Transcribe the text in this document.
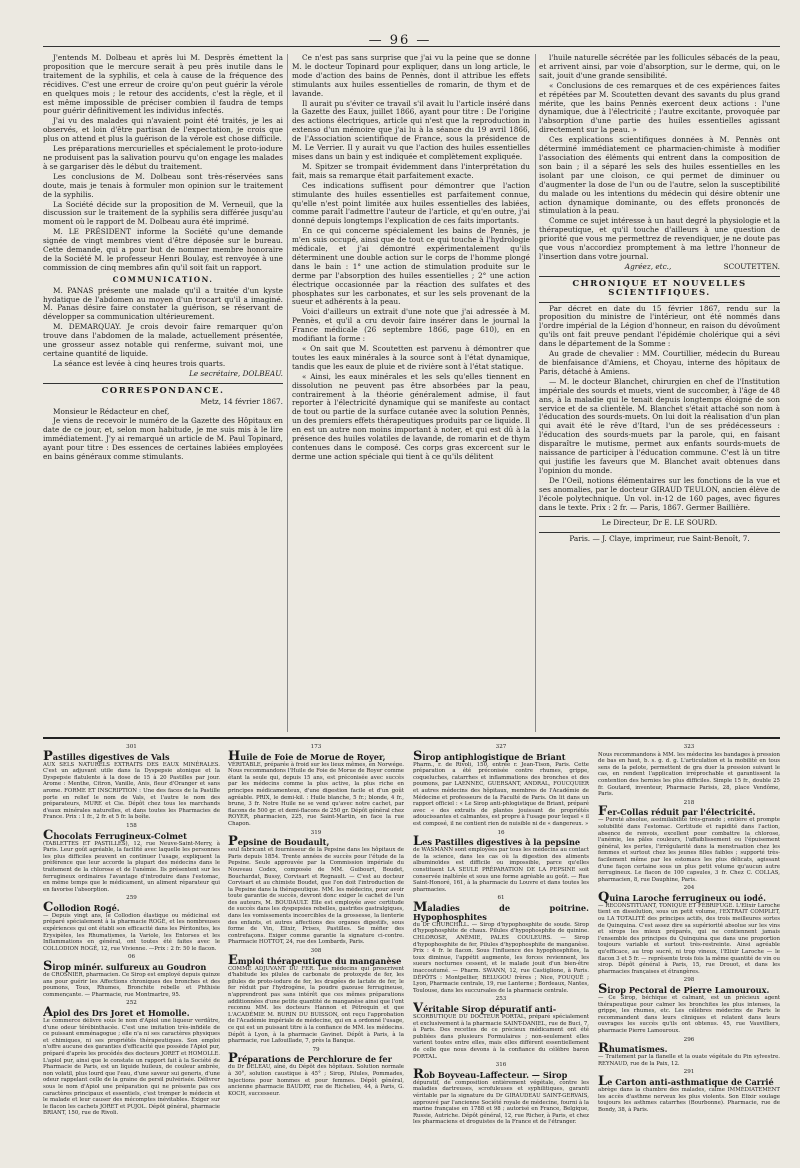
— 96 —

J'entends M. Dolbeau et après lui M. Desprès émettent la proposition que le mercure serait à peu près inutile dans le traitement de la syphilis, et cela à cause de la fréquence des récidives. C'est une erreur de croire qu'on peut guérir la vérole en quelques mois ; le retour des accidents, c'est la règle, et il est même impossible de préciser combien il faudra de temps pour guérir définitivement les individus infectés.

J'ai vu des malades qui n'avaient point été traités, je les ai observés, et loin d'être partisan de l'expectation, je crois que plus on attend et plus la guérison de la vérole est chose difficile.

Les préparations mercurielles et spécialement le proto-iodure ne produisent pas la salivation pourvu qu'on engage les malades à se gargariser dès le début du traitement.

Les conclusions de M. Dolbeau sont très-réservées sans doute, mais je tenais à formuler mon opinion sur le traitement de la syphilis.

La Société décide sur la proposition de M. Verneuil, que la discussion sur le traitement de la syphilis sera différée jusqu'au moment où le rapport de M. Dolbeau aura été imprimé.

M. LE PRÉSIDENT informe la Société qu'une demande signée de vingt membres vient d'être déposée sur le bureau. Cette demande, qui a pour but de nommer membre honoraire de la Société M. le professeur Henri Boulay, est renvoyée à une commission de cinq membres afin qu'il soit fait un rapport.

COMMUNICATION.

M. PANAS présente une malade qu'il a traitée d'un kyste hydatique de l'abdomen au moyen d'un trocart qu'il a imaginé. M. Panas désire faire constater la guérison, se réservant de développer sa communication ultérieurement.

M. DEMARQUAY. Je crois devoir faire remarquer qu'on trouve dans l'abdomen de la malade, actuellement présentée, une grosseur assez notable qui renferme, suivant moi, une certaine quantité de liquide.

La séance est levée à cinq heures trois quarts.

Le secrétaire, DOLBEAU.

CORRESPONDANCE.

Metz, 14 février 1867.

Monsieur le Rédacteur en chef,

Je viens de recevoir le numéro de la Gazette des Hôpitaux en date de ce jour, et, selon mon habitude, je me suis mis à le lire immédiatement. J'y ai remarqué un article de M. Paul Topinard, ayant pour titre : Des essences de certaines labiées employées en bains généraux comme stimulants.

Ce n'est pas sans surprise que j'ai vu la peine que se donne M. le docteur Topinard pour expliquer, dans un long article, le mode d'action des bains de Pennès, dont il attribue les effets stimulants aux huiles essentielles de romarin, de thym et de lavande.

Il aurait pu s'éviter ce travail s'il avait lu l'article inséré dans la Gazette des Eaux, juillet 1866, ayant pour titre : De l'origine des actions électriques, article qui n'est que la reproduction in extenso d'un mémoire que j'ai lu à la séance du 19 avril 1866, de l'Association scientifique de France, sous la présidence de M. Le Verrier. Il y aurait vu que l'action des huiles essentielles mises dans un bain y est indiquée et complètement expliquée.

M. Spitzer se trompait évidemment dans l'interprétation du fait, mais sa remarque était parfaitement exacte.

Ces indications suffisent pour démontrer que l'action stimulante des huiles essentielles est parfaitement connue, qu'elle n'est point limitée aux huiles essentielles des labiées, comme paraît l'admettre l'auteur de l'article, et qu'en outre, j'ai donné depuis longtemps l'explication de ces faits importants.

En ce qui concerne spécialement les bains de Pennès, je m'en suis occupé, ainsi que de tout ce qui touche à l'hydrologie médicale, et j'ai démontré expérimentalement qu'ils déterminent une double action sur le corps de l'homme plongé dans le bain : 1° une action de stimulation produite sur le derme par l'absorption des huiles essentielles ; 2° une action électrique occasionnée par la réaction des sulfates et des phosphates sur les carbonates, et sur les sels provenant de la sueur et adhérents à la peau.

Voici d'ailleurs un extrait d'une note que j'ai adressée à M. Pennès, et qu'il a cru devoir faire insérer dans le journal la France médicale (26 septembre 1866, page 610), en en modifiant la forme :

« On sait que M. Scoutetten est parvenu à démontrer que toutes les eaux minérales à la source sont à l'état dynamique, tandis que les eaux de pluie et de rivière sont à l'état statique.

« Ainsi, les eaux minérales et les sels qu'elles tiennent en dissolution ne peuvent pas être absorbées par la peau, contrairement à la théorie généralement admise, il faut reporter à l'électricité dynamique qui se manifeste au contact de tout ou partie de la surface cutanée avec la solution Pennès, un des premiers effets thérapeutiques produits par ce liquide. Il en est un autre non moins important à noter, et qui est dû à la présence des huiles volatiles de lavande, de romarin et de thym contenues dans le composé. Ces corps gras excercent sur le derme une action spéciale qui tient à ce qu'ils délitent

l'huile naturelle sécrétée par les follicules sébacés de la peau, et arrivent ainsi, par voie d'absorption, sur le derme, qui, on le sait, jouit d'une grande sensibilité.

« Conclusions de ces remarques et de ces expériences faites et répétées par M. Scoutetten devant des savants du plus grand mérite, que les bains Pennès exercent deux actions : l'une dynamique, due à l'électricité ; l'autre excitante, provoquée par l'absorption d'une partie des huiles essentielles agissant directement sur la peau. »

Ces explications scientifiques données à M. Pennès ont déterminé immédiatement ce pharmacien-chimiste à modifier l'association des éléments qui entrent dans la composition de son bain ; il a séparé les sels des huiles essentielles en les isolant par une cloison, ce qui permet de diminuer ou d'augmenter la dose de l'un ou de l'autre, selon la susceptibilité du malade ou les intentions du médecin qui désire obtenir une action dynamique dominante, ou des effets prononcés de stimulation à la peau.

Comme ce sujet intéresse à un haut degré la physiologie et la thérapeutique, et qu'il touche d'ailleurs à une question de priorité que vous me permettrez de revendiquer, je ne doute pas que vous n'accordiez promptement à ma lettre l'honneur de l'insertion dans votre journal.

Agréez, etc.,	SCOUTETTEN.

CHRONIQUE ET NOUVELLES SCIENTIFIQUES.

Par décret en date du 15 février 1867, rendu sur la proposition du ministre de l'intérieur, ont été nommés dans l'ordre impérial de la Légion d'honneur, en raison du dévoûment qu'ils ont fait preuve pendant l'épidémie cholérique qui a sévi dans le département de la Somme :

Au grade de chevalier : MM. Courtillier, médecin du Bureau de bienfaisance d'Amiens, et Choyau, interne des hôpitaux de Paris, détaché à Amiens.

— M. le docteur Blanchet, chirurgien en chef de l'Institution impériale des sourds et muets, vient de succomber, à l'âge de 48 ans, à la maladie qui le tenait depuis longtemps éloigné de son service et de sa clientèle. M. Blanchet s'était attaché son nom à l'éducation des sourds-muets. On lui doit la réalisation d'un plan qui avait été le rêve d'Itard, l'un de ses prédécesseurs : l'éducation des sourds-muets par la parole, qui, en faisant disparaître le mutisme, permet aux enfants sourds-muets de naissance de participer à l'éducation commune. C'est là un titre qui justifie les faveurs que M. Blanchet avait obtenues dans l'opinion du monde.

De l'Oeil, notions élémentaires sur les fonctions de la vue et ses anomalies, par le docteur GIRAUD TEULON, ancien élève de l'école polytechnique. Un vol. in-12 de 160 pages, avec figures dans le texte. Prix : 2 fr. — Paris, 1867. Germer Baillière.

Le Directeur, Dr E. LE SOURD.

Paris. — J. Claye, imprimeur, rue Saint-Benoît, 7.

301
Pastilles digestives de Vals

AUX SELS NATURELS EXTRAITS DES EAUX MINÉRALES. C'est un adjuvant utile dans la Dyspepsie atonique et la Dyspepsie flatulente à la dose de 15 à 20 Pastilles par jour. Arome : Menthe, Citron, Vanille, Anis, fleur d'Oranger et sans arome. FORME ET INSCRIPTION : Une des faces de la Pastille porte en relief le nom de Vals, et l'autre le nom des préparateurs, MURE et Cie. Dépôt chez tous les marchands d'eaux minérales naturelles, et dans toutes les Pharmacies de France. Prix : 1 fr., 2 fr. et 5 fr. la boîte.

158
Chocolats Ferrugineux-Colmet

(TABLETTES ET PASTILLES), 12, rue Neuve-Saint-Merry, à Paris. Leur goût agréable, la facilité avec laquelle les personnes les plus difficiles peuvent en continuer l'usage, expliquent la préférence que leur accorde la plupart des médecins dans le traitement de la chlorose et de l'anémie. Ils présentent sur les ferrugineux ordinaires l'avantage d'introduire dans l'estomac, en même temps que le médicament, un aliment réparateur qui en favorise l'absorption.

259
Collodion Rogé.

— Depuis vingt ans, le Collodion élastique ou médicinal est préparé spécialement à la pharmacie ROGÉ, et les nombreuses expériences qui ont établi son efficacité dans les Péritonites, les Erysipèles, les Rhumatismes, la Variole, les Entorses et les Inflammations en général, ont toutes été faites avec le COLLODION ROGÉ, 12, rue Vivienne. —Prix : 2 fr. 50 le flacon.

06
Sirop minér. sulfureux au Goudron

de CROSNIER, pharmacien. Ce Sirop est employé depuis quinze ans pour guérir les Affections chroniques des bronches et des poumons, Toux, Rhumes, Bronchite rebelle et Phthisie commençante. — Pharmacie, rue Montmartre, 95.

252
Apiol des Drs Joret et Homolle.

Le commerce délivre sous le nom d'Apiol une liqueur verdâtre, d'une odeur térébinthacée. C'est une imitation très-infidèle de ce puissant emménagogue ; elle n'a ni ses caractères physiques et chimiques, ni ses propriétés thérapeutiques. Son emploi n'offre aucune des garanties d'efficacité que possède l'Apiol pur, préparé d'après les procédés des docteurs JORET et HOMOLLE. L'apiol pur, ainsi que le constate un rapport fait à la Société de Pharmacie de Paris, est un liquide huileux, de couleur ambrée, non volatil, plus lourd que l'eau, d'une saveur sui generis, d'une odeur rappelant celle de la graine de persil pulvérisée. Délivrer sous le nom d'Apiol une préparation qui ne présente pas ces caractères principaux et essentiels, c'est tromper le médecin et le malade et leur causer des mécomptes inévitables. Exiger sur le flacon les cachets JORET et PUJOL. Dépôt général, pharmacie BRIANT, 150, rue de Rivoli.

173
Huile de Foie de Morue de Royer,

VÉRITABLE, préparée à froid sur les lieux mêmes, en Norwége. Nous recommandons l'Huile de Foie de Morue de Royer comme étant la seule qui, depuis 15 ans, est préconisée avec succès par les médecins comme la plus active, la plus riche en principes médicamenteux, d'une digestion facile et d'un goût agréable. PRIX, le demi-kil. : Huile blanche, 5 fr.; blonde, 4 fr., brune, 3 fr. Notre Huile ne se vend qu'avec notre cachet, par flacons de 500 gr. et demi-flacons de 250 gr. Dépôt général chez ROYER, pharmacien, 225, rue Saint-Martin, en face la rue Chapon.

319
Pepsine de Boudault,

seul fabricant et fournisseur de la Pepsine dans les hôpitaux de Paris depuis 1854. Trente années de succès pour l'étude de la Pepsine. Seule approuvée par la Commission impériale du Nouveau Codex, composée de MM. Guibourt, Boudet, Bouchardat, Bussy, Corvisart et Regnault. — C'est au docteur Corvisart et au chimiste Boudet, que l'on doit l'introduction de la Pepsine dans la thérapeutique. MM. les médecins, pour avoir toute garantie de succès, devront donc exiger le cachet de l'un des auteurs, M. BOUDAULT. Elle est employée avec certitude de succès dans les dyspepsies rebelles, gastrites gastralgiques, dans les vomissements incoercibles de la grossesse, la lienterie des enfants, et autres affections des organes digestifs, sous forme de Vin, Elixir, Prises, Pastilles. Se méfier des contrefaçons. Exiger comme garantie la signature ci-contre. Pharmacie HOTTOT, 24, rue des Lombards, Paris.

308
Emploi thérapeutique du manganèse

COMME ADJUVANT DU FER. Les médecins qui prescrivent d'habitude les pilules de carbonate de protoxyde de fer, les pilules de proto-iodure de fer, les dragées de lactate de fer, le fer réduit par l'hydrogène, la poudre gazeuse ferrugineuse, n'apprendront pas sans intérêt que ces mêmes préparations additionnées d'une petite quantité de manganèse ainsi que l'ont reconnu MM. les docteurs Hannon et Pétrequin et que L'ACADÉMIE M. BURIN DU BUISSON, ont reçu l'approbation de l'Académie impériale de médecine, qui en a ordonné l'usage, ce qui est un puissant titre à la confiance de MM. les médecins. Dépôt à Lyon, à la pharmacie Gavinet. Dépôt à Paris, à la pharmacie, rue Lafouillade, 7, près la Banque.

79
Préparations de Perchlorure de fer

du Dr DELEAU, aîné, du Dépôt des hôpitaux. Solution normale à 30°, solution caustique à 45° ; Sirop, Pilules, Pommades, Injections pour hommes et pour femmes. Dépôt général, ancienne pharmacie BAUDRY, rue de Richelieu, 44, à Paris, G. KOCH, successeur.

327
Sirop antiphlogistique de Briant

Pharm., r. de Rivoli, 150, entrée r. Jean-Tison, Paris. Cette préparation a été préconisée contre rhumes, grippe, coqueluches, catarrhes et inflammations des bronches et des poumons, par LAENNEC, GUERSANT, ANDRAL, FOUCQUIER et autres médecins des hôpitaux, membres de l'Académie de Médecine et professeurs de la Faculté de Paris. On lit dans un rapport officiel : « Le Sirop anti-phlogistique de Briant, préparé avec « des extraits de plantes jouissant de propriétés adoucissantes et calmantes, est propre à l'usage pour lequel « il est composé, il ne contient rien de nuisible ni de « dangereux. »

16
Les Pastilles digestives à la pepsine

de WASMANN sont employées par tous les médecins au contact de la science, dans les cas où la digestion des aliments albuminoïdes est difficile ou impossible, parce qu'elles constituent LA SEULE PRÉPARATION DE LA PEPSINE soit conservée inaltérée et sous une forme agréable au goût. — Rue Saint-Honoré, 161, à la pharmacie du Louvre et dans toutes les pharmacies.

61
Maladies de poitrine. Hypophosphites

du Dr CHURCHILL. — Sirop d'hypophosphite de soude. Sirop d'hypophosphite de chaux. Pilules d'hypophosphite de quinine. CHLOROSE, ANÉMIE, PALES COULEURS. — Sirop d'hypophosphite de fer, Pilules d'hypophosphite de manganèse. Prix : 4 fr. le flacon. Sous l'influence des hypophosphites, la toux diminue, l'appétit augmente, les forces reviennent, les sueurs nocturnes cessent, et le malade jouit d'un bien-être inaccoutumé. — Pharm. SWANN, 12, rue Castiglione, à Paris. DÉPÔTS : Montpellier, BELUGOU frères ; Nice, FOUQUÉ ; Lyon, Pharmacie centrale, 19, rue Lanterne ; Bordeaux, Nantes, Toulouse, dans les succursales de la pharmacie centrale.

253
Véritable Sirop dépuratif anti-

SCORBUTIQUE DU DOCTEUR PORTAL, préparé spécialement et exclusivement à la pharmacie SAINT-DANIEL, rue de Buci, 7, à Paris. Des recettes de ce précieux médicament ont été publiées dans plusieurs Formulaires ; non-seulement elles varient toutes entre elles, mais elles diffèrent essentiellement de celle que nous devons à la confiance du célèbre baron PORTAL.

316
Rob Boyveau-Laffecteur. — Sirop

dépuratif, de composition entièrement végétale, contre les maladies dartreuses, scrofuleuses et syphilitiques, garanti véritable par la signature du Dr GIRAUDEAU SAINT-GERVAIS, approuvé par l'ancienne Société royale de médecine, fourni à la marine française en 1788 et 98 ; autorisé en France, Belgique, Russie, Autriche. Dépôt général, 12, rue Richer, à Paris, et chez les pharmaciens et droguistes de la France et de l'étranger.

323

Nous recommandons à MM. les médecins les bandages à pression de bas en haut, b. s. g. d. g. L'articulation et la mobilité en tous sens de la pelote, permettent de gra duer la pression suivant le cas, en rendent l'application irréprochable et garantissent la contention des hernies les plus difficiles. Simple 15 fr., double 25 fr. Goutard, inventeur, Pharmacie Parisis, 28, place Vendôme, Paris.

218
Fer-Collas réduit par l'électricité.

— Pureté absolue, assimilabilité très-grande ; entière et prompte solubilité dans l'estomac. Certitude et rapidité dans l'action, absence de renvois, excellent pour combattre la chlorose, l'anémie, les pâles couleurs, l'affaiblissement ou l'épuisement général, les pertes, l'irrégularité dans la menstruation chez les femmes et surtout chez les jeunes filles faibles ; supporté très-facilement même par les estomacs les plus délicats, agissant d'une façon certaine sous un plus petit volume qu'aucun autre ferrugineux. Le flacon de 100 capsules, 3 fr. Chez C. COLLAS, pharmacien, 8, rue Dauphine, Paris.

204
Quina Laroche ferrugineux ou iodé.

— RECONSTITUANT, TONIQUE ET FÉBRIFUGE. L'Elixir Laroche tient en dissolution, sous un petit volume, l'EXTRAIT COMPLET, ou LA TOTALITÉ des principes actifs, des trois meilleures sortes de Quinquina. C'est assez dire sa supériorité absolue sur les vins et sirops les mieux préparés, qui ne contiennent jamais l'ensemble des principes du Quinquina que dans une proportion toujours variable et surtout très-restreinte. Ainsi agréable qu'efficace, au trop sucré, ni trop vineux, l'Elixir Laroche — le flacon 3 et 5 fr. — représente trois fois la même quantité de vin ou sirop. Dépôt général à Paris, 15, rue Drouot, et dans les pharmacies françaises et étrangères.

298
Sirop Pectoral de Pierre Lamouroux.

— Ce Sirop, béchique et calmant, est un précieux agent thérapeutique pour calmer les bronchites les plus intenses, la grippe, les rhumes, etc. Les célèbres médecins de Paris le recommandent dans leurs cliniques et relatent dans leurs ouvrages les succès qu'ils ont obtenus. 45, rue Vauvilliers, pharmacie Pierre Lamouroux.

296
Rhumatismes.

— Traitement par la flanelle et la ouate végétale du Pin sylvestre. REYNAUD, rue de la Paix, 12.

291
Le Carton anti-asthmatique de Carrié

abrège dans la chambre des malades, calme IMMÉDIATEMENT les accès d'asthme nerveux les plus violents. Son Elixir soulage toujours les asthmes catarrhes (Bourbonne). Pharmacie, rue de Bondy, 38, à Paris.
